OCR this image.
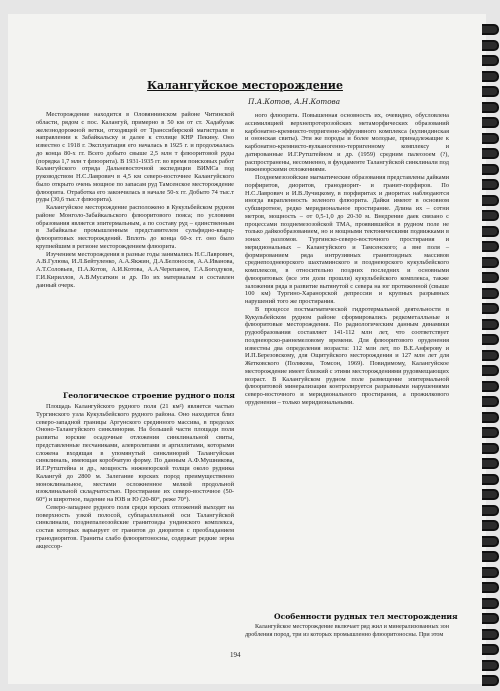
Калангуйское месторождение
П.А.Котов, А.Н.Котова

Месторождение находится в Оловяннинском районе Читинской области, рядом с пос. Калангуй, примерно в 50 км от ст. Хадабулак железнодорожной ветки, отходящей от Транссибирской магистрали в направлении к Забайкальску и далее к столице КНР Пекину. Оно известно с 1918 г. Эксплуатация его началась в 1925 г. и продолжалась до конца 80-х гг. Всего добыто свыше 2,5 млн т флюоритовой руды (порядка 1,7 млн т флюорита). В 1931-1935 гг. во время поисковых работ Калангуйского отряда Дальневосточной экспедиции ВИМСа под руководством Н.С.Лаврович в 4,5 км северо-восточнее Калангуйского было открыто очень мощное по запасам руд Тамсенское месторождение флюорита. Отработка его закончилась в начале 50-х гг. Добыто 74 тыс.т руды (30,6 тыс.т флюорита).

Калангуйское месторождение расположено в Кукульбейском рудном районе Монголо-Забайкальского флюоритового пояса; по условиям образования является эпитермальным, а по составу руд – единственным в Забайкалье промышленным представителем сульфидно-кварц-флюоритовых месторождений. Вплоть до конца 60-х гг. оно было крупнейшим в регионе месторождением флюорита.

Изучением месторождения в разные годы занимались Н.С.Лаврович, А.В.Гулюва, И.Л.Бейтуленко, А.А.Якжин, Д.А.Белоносов, А.А.Иванова, А.Т.Соловьев, П.А.Котов, А.И.Котова, А.А.Черепанов, Г.А.Богодуков, Г.И.Кириллов, А.В.Мусаткин и др. По их материалам и составлен данный очерк.

Геологическое строение рудного поля

Площадь Калангуйского рудного поля (21 км²) является частью Тургинского узла Кукульбейского рудного района. Оно находится близ северо-западной границы Аргунского срединного массива, в пределах Ононо-Талангуйского синклинория. На большей части площади поля развиты юрские осадочные отложения синклинальной свиты, представленные песчаниками, алевролитами и аргиллитами, которыми сложена входящая в упомянутый синклинорий Талангуйская синклиналь, имеющая коробчатую форму. По данным А.Ф.Мушникова, И.Г.Рутштейна и др., мощность нижнеюрской толщи около рудника Калангуй до 2800 м. Залегание юрских пород преимущественно моноклинальное, местами осложненное мелкой продольной изоклинальной складчатостью. Простирание их северо-восточное (50-60°) и широтное, падение на ЮВ и Ю (20-80°, реже 70°).

Северо-западнее рудного поля среди юрских отложений выходят на поверхность узкой полосой, субпараллельной оси Талангуйской синклинали, позднепалеозойские гранитоиды ундинского комплекса, состав которых варьирует от гранитов до диоритов с преобладанием гранодиоритов. Граниты слабо флюоритоносны, содержат редкие зерна акцессор-

ного флюорита. Повышенная основность их, очевидно, обусловлена ассимиляцией верхнепротерозойских метаморфических образований карбонатно-кремнисто-терригенно-эффузивного комплекса (кулиндинская и ононская свиты). Эти же породы и более молодые, принадлежащие к карбонатно-кремнисто-вулканогенно-терригенному комплексу и датированные И.Г.Рутштейном и др. (1959) средним палеозоем (?), распространены, несомненно, в фундаменте Талангуйской синклинали под нижнеюрскими отложениями.

Позднемезозойские магматические образования представлены дайками порфиритов, диоритов, гранодиорит- и гранит-порфиров. По Н.С.Лаврович и И.В.Лучицкому, в порфиритах и диоритах наблюдаются иногда вкрапленность зеленого флюорита. Дайки имеют в основном субширотное, редко меридиональное простирание. Длина их – сотни метров, мощность – от 0,5-1,0 до 20-30 м. Внедрение даек связано с процессами позднемезозойской ТМА, проявившейся в рудном поле не только дайкообразованием, но и мощными тектоническими подвижками в зонах разломов. Тургинско-северо-восточного простирания и меридиональных – Калангуйского и Тамсенского; а вне поля – формированием ряда интрузивных гранитоидных массивов среднепозднеюрского шахтаминского и позднеюрского кукульбейского комплексов, в относительно поздних последних и основными флюоритовых (все эти доли прошли) кукульбейского комплекса, также заложения ряда в развитие вытянутой с севера на юг протяженной (свыше 100 км) Тургино-Харанорской депрессии и крупных разрывных нарушений того же простирания.

В процессе постмагматической гидротермальной деятельности в Кукульбейском рудном районе сформировались редкометалльные и флюоритовые месторождения. По радиологическим данным динамики рудообразования составляет 141-112 млн лет, что соответствует позднеюрско-раннемеловому времени. Для флюоритового оруденения известны два определения возраста: 112 млн лет, по В.Е.Анферову и И.П.Березовскому, для Ощитуйского месторождения и 127 млн лет для Жетковского (Полякова, Томсон, 1969). Повидимому, Калангуйское месторождение имеет близкий с этими месторождениями рудовмещающих возраст. В Калангуйском рудном поле размещение эпитермальной флюоритовой минерализации контролируется разрывными нарушениями северо-восточного и меридионального простирания, а прожилкового оруденения – только меридиональными.

Особенности рудных тел месторождения

Калангуйское месторождение включает ряд жил и минерализованных зон дробления пород, три из которых промышленно флюоритоносны. При этом

194
